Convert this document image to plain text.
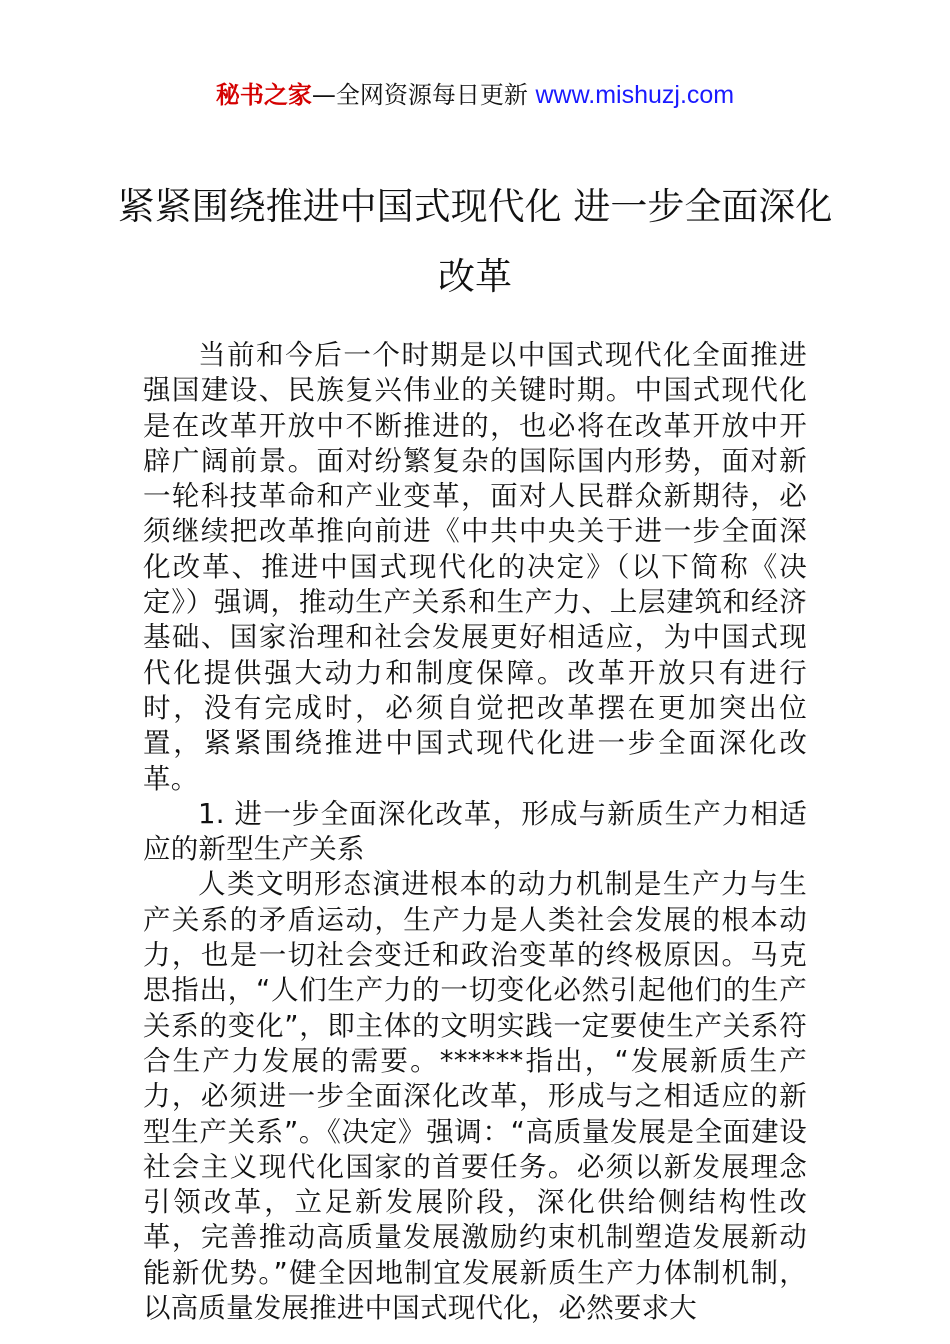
秘书之家—全网资源每日更新 www.mishuzj.com
紧紧围绕推进中国式现代化 进一步全面深化改革

当前和今后一个时期是以中国式现代化全面推进强国建设、民族复兴伟业的关键时期。中国式现代化是在改革开放中不断推进的，也必将在改革开放中开辟广阔前景。面对纷繁复杂的国际国内形势，面对新一轮科技革命和产业变革，面对人民群众新期待，必须继续把改革推向前进《中共中央关于进一步全面深化改革、推进中国式现代化的决定》（以下简称《决定》）强调，推动生产关系和生产力、上层建筑和经济基础、国家治理和社会发展更好相适应，为中国式现代化提供强大动力和制度保障。改革开放只有进行时，没有完成时，必须自觉把改革摆在更加突出位置，紧紧围绕推进中国式现代化进一步全面深化改革。

1. 进一步全面深化改革，形成与新质生产力相适应的新型生产关系

人类文明形态演进根本的动力机制是生产力与生产关系的矛盾运动，生产力是人类社会发展的根本动力，也是一切社会变迁和政治变革的终极原因。马克思指出，“人们生产力的一切变化必然引起他们的生产关系的变化”，即主体的文明实践一定要使生产关系符合生产力发展的需要。******指出，“发展新质生产力，必须进一步全面深化改革，形成与之相适应的新型生产关系”。《决定》强调：“高质量发展是全面建设社会主义现代化国家的首要任务。必须以新发展理念引领改革，立足新发展阶段，深化供给侧结构性改革，完善推动高质量发展激励约束机制塑造发展新动能新优势。”健全因地制宜发展新质生产力体制机制，以高质量发展推进中国式现代化，必然要求大
